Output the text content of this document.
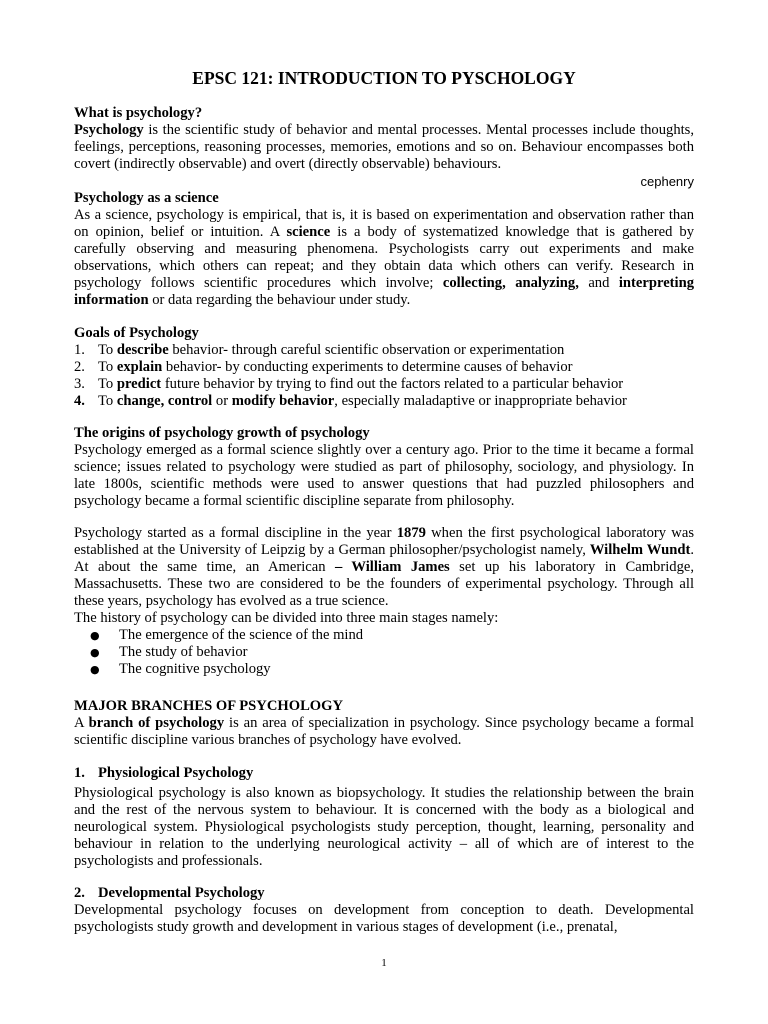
EPSC 121: INTRODUCTION TO PYSCHOLOGY
What is psychology?
Psychology is the scientific study of behavior and mental processes. Mental processes include thoughts, feelings, perceptions, reasoning processes, memories, emotions and so on. Behaviour encompasses both covert (indirectly observable) and overt (directly observable) behaviours.
cephenry
Psychology as a science
As a science, psychology is empirical, that is, it is based on experimentation and observation rather than on opinion, belief or intuition. A science is a body of systematized knowledge that is gathered by carefully observing and measuring phenomena. Psychologists carry out experiments and make observations, which others can repeat; and they obtain data which others can verify. Research in psychology follows scientific procedures which involve; collecting, analyzing, and interpreting information or data regarding the behaviour under study.
Goals of Psychology
1. To describe behavior- through careful scientific observation or experimentation
2. To explain behavior- by conducting experiments to determine causes of behavior
3. To predict future behavior by trying to find out the factors related to a particular behavior
4. To change, control or modify behavior, especially maladaptive or inappropriate behavior
The origins of psychology growth of psychology
Psychology emerged as a formal science slightly over a century ago. Prior to the time it became a formal science; issues related to psychology were studied as part of philosophy, sociology, and physiology. In late 1800s, scientific methods were used to answer questions that had puzzled philosophers and psychology became a formal scientific discipline separate from philosophy.
Psychology started as a formal discipline in the year 1879 when the first psychological laboratory was established at the University of Leipzig by a German philosopher/psychologist namely, Wilhelm Wundt. At about the same time, an American – William James set up his laboratory in Cambridge, Massachusetts. These two are considered to be the founders of experimental psychology. Through all these years, psychology has evolved as a true science.
The history of psychology can be divided into three main stages namely:
●	The emergence of the science of the mind
●	The study of behavior
●	The cognitive psychology
MAJOR BRANCHES OF PSYCHOLOGY
A branch of psychology is an area of specialization in psychology. Since psychology became a formal scientific discipline various branches of psychology have evolved.
1. Physiological Psychology
Physiological psychology is also known as biopsychology. It studies the relationship between the brain and the rest of the nervous system to behaviour. It is concerned with the body as a biological and neurological system. Physiological psychologists study perception, thought, learning, personality and behaviour in relation to the underlying neurological activity – all of which are of interest to the psychologists and professionals.
2. Developmental Psychology
Developmental psychology focuses on development from conception to death. Developmental psychologists study growth and development in various stages of development (i.e., prenatal,
1
